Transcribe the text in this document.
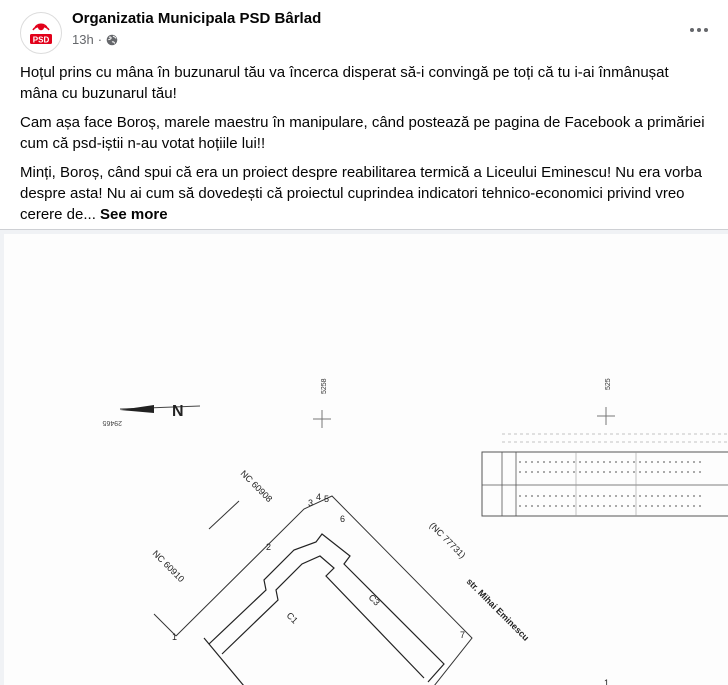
PSD
Organizatia Municipala PSD Bârlad
13h ·

Hoțul prins cu mâna în buzunarul tău va încerca disperat să-i convingă pe toți că tu i-ai înmânușat mâna cu buzunarul tău!

Cam așa face Boroș, marele maestru în manipulare, când postează pe pagina de Facebook a primăriei cum că psd-iștii n-au votat hoțiile lui!!

Minți, Boroș, când spui că era un proiect despre reabilitarea termică a Liceului Eminescu! Nu era vorba despre asta! Nu ai cum să dovedești că proiectul cuprindea indicatori tehnico-economici privind vreo cerere de... See more

N
29465
5258	525
NC 60908
NC 60910
(NC 77731)
str. Mihai Eminescu
C1
C3
2
3
4 5
6
7
1
1
